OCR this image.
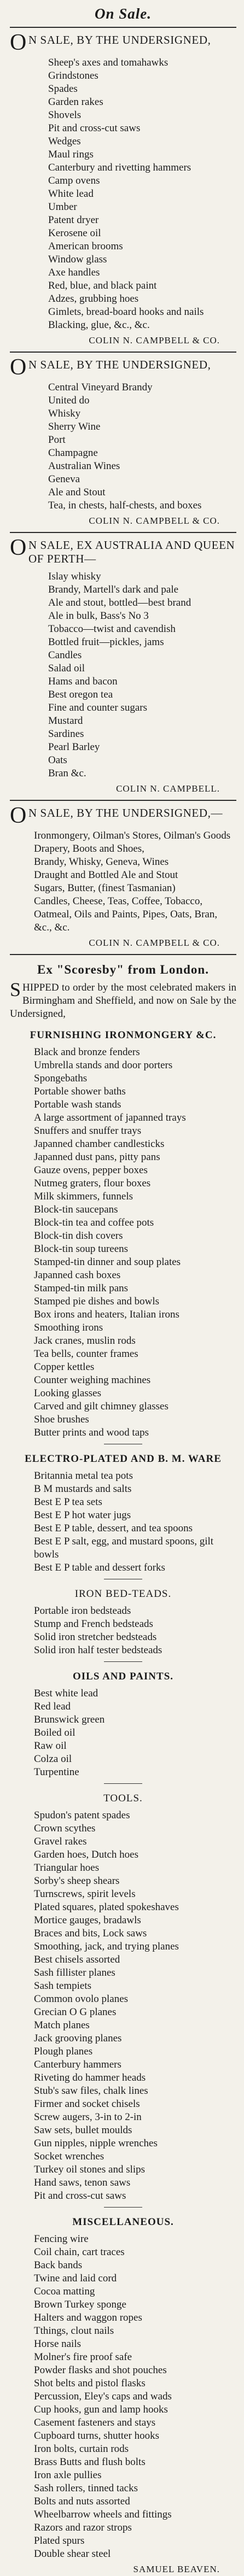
On Sale.
O N SALE, BY THE UNDERSIGNED,
Sheep's axes and tomahawks
Grindstones
Spades
Garden rakes
Shovels
Pit and cross-cut saws
Wedges
Maul rings
Canterbury and rivetting hammers
Camp ovens
White lead
Umber
Patent dryer
Kerosene oil
American brooms
Window glass
Axe handles
Red, blue, and black paint
Adzes, grubbing hoes
Gimlets, bread-board hooks and nails
Blacking, glue, &c., &c.
COLIN N. CAMPBELL & CO.
O N SALE, BY THE UNDERSIGNED,
Central Vineyard Brandy
United do
Whisky
Sherry Wine
Port
Champagne
Australian Wines
Geneva
Ale and Stout
Tea, in chests, half-chests, and boxes
COLIN N. CAMPBELL & CO.
O N SALE, EX AUSTRALIA AND QUEEN OF PERTH—
Islay whisky
Brandy, Martell's dark and pale
Ale and stout, bottled—best brand
Ale in bulk, Bass's No 3
Tobacco—twist and cavendish
Bottled fruit—pickles, jams
Candles
Salad oil
Hams and bacon
Best oregon tea
Fine and counter sugars
Mustard
Sardines
Pearl Barley
Oats
Bran &c.
COLIN N. CAMPBELL.
O N SALE, BY THE UNDERSIGNED,—
Ironmongery, Oilman's Stores, Oilman's Goods
Drapery, Boots and Shoes,
Brandy, Whisky, Geneva, Wines
Draught and Bottled Ale and Stout
Sugars, Butter, (finest Tasmanian)
Candles, Cheese, Teas, Coffee, Tobacco, Oatmeal, Oils and Paints, Pipes, Oats, Bran, &c., &c.
COLIN N. CAMPBELL & CO.
Ex "Scoresby" from London.

SHIPPED to order by the most celebrated makers in Birmingham and Sheffield, and now on Sale by the Undersigned,

FURNISHING IRONMONGERY &C.
Black and bronze fenders
Umbrella stands and door porters
Spongebaths
Portable shower baths
Portable wash stands
A large assortment of japanned trays
Snuffers and snuffer trays
Japanned chamber candlesticks
Japanned dust pans, pitty pans
Gauze ovens, pepper boxes
Nutmeg graters, flour boxes
Milk skimmers, funnels
Block-tin saucepans
Block-tin tea and coffee pots
Block-tin dish covers
Block-tin soup tureens
Stamped-tin dinner and soup plates
Japanned cash boxes
Stamped-tin milk pans
Stamped pie dishes and bowls
Box irons and heaters, Italian irons
Smoothing irons
Jack cranes, muslin rods
Tea bells, counter frames
Copper kettles
Counter weighing machines
Looking glasses
Carved and gilt chimney glasses
Shoe brushes
Butter prints and wood taps
ELECTRO-PLATED AND B. M. WARE
Britannia metal tea pots
B M mustards and salts
Best E P tea sets
Best E P hot water jugs
Best E P table, dessert, and tea spoons
Best E P salt, egg, and mustard spoons, gilt bowls
Best E P table and dessert forks
IRON BED-TEADS.
Portable iron bedsteads
Stump and French bedsteads
Solid iron stretcher bedsteads
Solid iron half tester bedsteads
OILS AND PAINTS.
Best white lead
Red lead
Brunswick green
Boiled oil
Raw oil
Colza oil
Turpentine
TOOLS.
Spudon's patent spades
Crown scythes
Gravel rakes
Garden hoes, Dutch hoes
Triangular hoes
Sorby's sheep shears
Turnscrews, spirit levels
Plated squares, plated spokeshaves
Mortice gauges, bradawls
Braces and bits, Lock saws
Smoothing, jack, and trying planes
Best chisels assorted
Sash fillister planes
Sash tempiets
Common ovolo planes
Grecian O G planes
Match planes
Jack grooving planes
Plough planes
Canterbury hammers
Riveting do hammer heads
Stub's saw files, chalk lines
Firmer and socket chisels
Screw augers, 3-in to 2-in
Saw sets, bullet moulds
Gun nipples, nipple wrenches
Socket wrenches
Turkey oil stones and slips
Hand saws, tenon saws
Pit and cross-cut saws
MISCELLANEOUS.
Fencing wire
Coil chain, cart traces
Back bands
Twine and laid cord
Cocoa matting
Brown Turkey sponge
Halters and waggon ropes
Tthings, clout nails
Horse nails
Molner's fire proof safe
Powder flasks and shot pouches
Shot belts and pistol flasks
Percussion, Eley's caps and wads
Cup hooks, gun and lamp hooks
Casement fasteners and stays
Cupboard turns, shutter hooks
Iron bolts, curtain rods
Brass Butts and flush bolts
Iron axle pullies
Sash rollers, tinned tacks
Bolts and nuts assorted
Wheelbarrow wheels and fittings
Razors and razor strops
Plated spurs
Double shear steel
SAMUEL BEAVEN.
